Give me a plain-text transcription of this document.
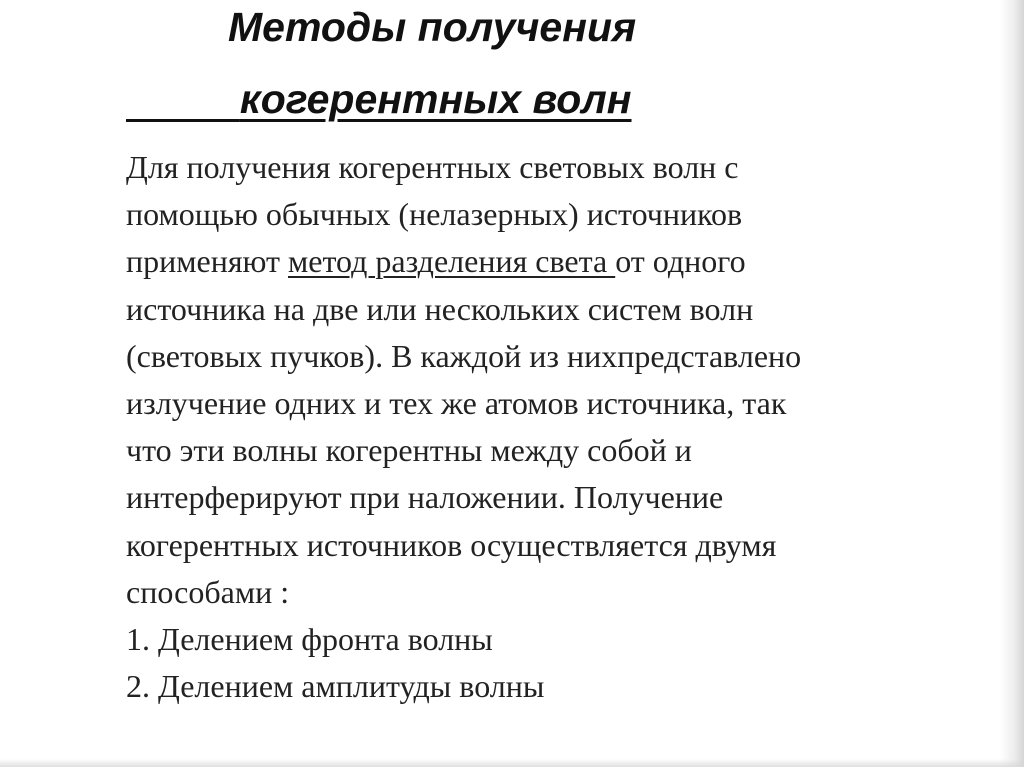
Методы получения
когерентных волн
Для получения когерентных световых волн с
помощью обычных (нелазерных) источников
применяют метод разделения света от одного
источника на две или нескольких систем волн
(световых пучков). В каждой из нихпредставлено
излучение одних и тех же атомов источника, так
что эти волны когерентны между собой и
интерферируют при наложении. Получение
когерентных источников осуществляется двумя
способами :
1. Делением фронта волны
2. Делением амплитуды волны
